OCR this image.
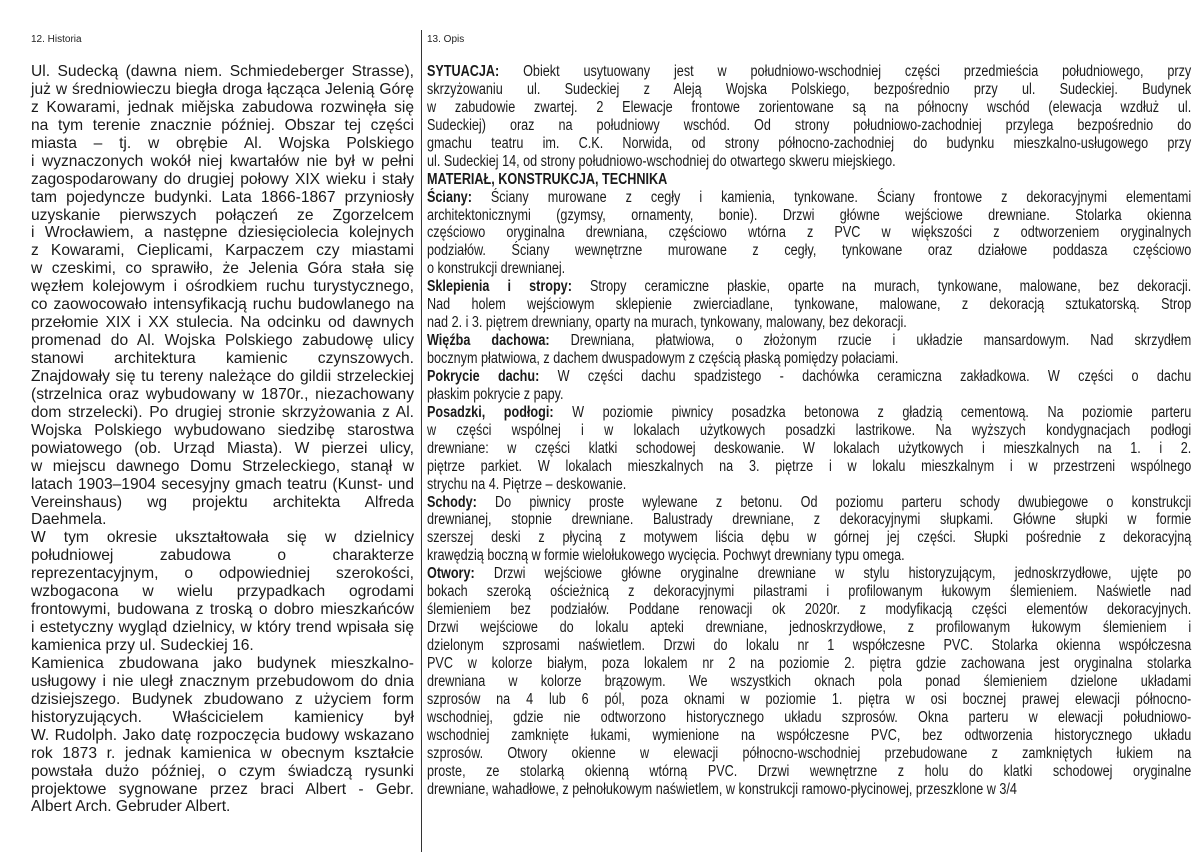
12. Historia	13. Opis
Ul. Sudecką (dawna niem. Schmiedeberger Strasse),
już w średniowieczu biegła droga łącząca Jelenią Górę
z Kowarami, jednak miějska zabudowa rozwinęła się
na tym terenie znacznie później. Obszar tej części
miasta – tj. w obrębie Al. Wojska Polskiego
i wyznaczonych wokół niej kwartałów nie był w pełni
zagospodarowany do drugiej połowy XIX wieku i stały
tam pojedyncze budynki. Lata 1866-1867 przyniosły
uzyskanie pierwszych połączeń ze Zgorzelcem
i Wrocławiem, a następne dziesięciolecia kolejnych
z Kowarami, Cieplicami, Karpaczem czy miastami
w czeskimi, co sprawiło, że Jelenia Góra stała się
węzłem kolejowym i ośrodkiem ruchu turystycznego,
co zaowocowało intensyfikacją ruchu budowlanego na
przełomie XIX i XX stulecia. Na odcinku od dawnych
promenad do Al. Wojska Polskiego zabudowę ulicy
stanowi architektura kamienic czynszowych.
Znajdowały się tu tereny należące do gildii strzeleckiej
(strzelnica oraz wybudowany w 1870r., niezachowany
dom strzelecki). Po drugiej stronie skrzyżowania z Al.
Wojska Polskiego wybudowano siedzibę starostwa
powiatowego (ob. Urząd Miasta). W pierzei ulicy,
w miejscu dawnego Domu Strzeleckiego, stanął w
latach 1903–1904 secesyjny gmach teatru (Kunst- und
Vereinshaus) wg projektu architekta Alfreda
Daehmela.
W tym okresie ukształtowała się w dzielnicy
południowej zabudowa o charakterze
reprezentacyjnym, o odpowiedniej szerokości,
wzbogacona w wielu przypadkach ogrodami
frontowymi, budowana z troską o dobro mieszkańców
i estetyczny wygląd dzielnicy, w który trend wpisała się
kamienica przy ul. Sudeckiej 16.
Kamienica zbudowana jako budynek mieszkalno-
usługowy i nie uległ znacznym przebudowom do dnia
dzisiejszego. Budynek zbudowano z użyciem form
historyzujących. Właścicielem kamienicy był
W. Rudolph. Jako datę rozpoczęcia budowy wskazano
rok 1873 r. jednak kamienica w obecnym kształcie
powstała dużo później, o czym świadczą rysunki
projektowe sygnowane przez braci Albert - Gebr.
Albert Arch. Gebruder Albert.
SYTUACJA: Obiekt usytuowany jest w południowo-wschodniej części przedmieścia południowego, przy
skrzyżowaniu ul. Sudeckiej z Aleją Wojska Polskiego, bezpośrednio przy ul. Sudeckiej. Budynek
w zabudowie zwartej. 2 Elewacje frontowe zorientowane są na północny wschód (elewacja wzdłuż ul.
Sudeckiej) oraz na południowy wschód. Od strony południowo-zachodniej przylega bezpośrednio do
gmachu teatru im. C.K. Norwida, od strony północno-zachodniej do budynku mieszkalno-usługowego przy
ul. Sudeckiej 14, od strony południowo-wschodniej do otwartego skweru miejskiego.
MATERIAŁ, KONSTRUKCJA, TECHNIKA
Ściany: Ściany murowane z cegły i kamienia, tynkowane. Ściany frontowe z dekoracyjnymi elementami
architektonicznymi (gzymsy, ornamenty, bonie). Drzwi główne wejściowe drewniane. Stolarka okienna
częściowo oryginalna drewniana, częściowo wtórna z PVC w większości z odtworzeniem oryginalnych
podziałów. Ściany wewnętrzne murowane z cegły, tynkowane oraz działowe poddasza częściowo
o konstrukcji drewnianej.
Sklepienia i stropy: Stropy ceramiczne płaskie, oparte na murach, tynkowane, malowane, bez dekoracji.
Nad holem wejściowym sklepienie zwierciadlane, tynkowane, malowane, z dekoracją sztukatorską. Strop
nad 2. i 3. piętrem drewniany, oparty na murach, tynkowany, malowany, bez dekoracji.
Więźba dachowa: Drewniana, płatwiowa, o złożonym rzucie i układzie mansardowym. Nad skrzydłem
bocznym płatwiowa, z dachem dwuspadowym z częścią płaską pomiędzy połaciami.
Pokrycie dachu: W części dachu spadzistego - dachówka ceramiczna zakładkowa. W części o dachu
płaskim pokrycie z papy.
Posadzki, podłogi: W poziomie piwnicy posadzka betonowa z gładzią cementową. Na poziomie parteru
w części wspólnej i w lokalach użytkowych posadzki lastrikowe. Na wyższych kondygnacjach podłogi
drewniane: w części klatki schodowej deskowanie. W lokalach użytkowych i mieszkalnych na 1. i 2.
piętrze parkiet. W lokalach mieszkalnych na 3. piętrze i w lokalu mieszkalnym i w przestrzeni wspólnego
strychu na 4. Piętrze – deskowanie.
Schody: Do piwnicy proste wylewane z betonu. Od poziomu parteru schody dwubiegowe o konstrukcji
drewnianej, stopnie drewniane. Balustrady drewniane, z dekoracyjnymi słupkami. Główne słupki w formie
szerszej deski z płyciną z motywem liścia dębu w górnej jej części. Słupki pośrednie z dekoracyjną
krawędzią boczną w formie wielołukowego wycięcia. Pochwyt drewniany typu omega.
Otwory: Drzwi wejściowe główne oryginalne drewniane w stylu historyzującym, jednoskrzydłowe, ujęte po
bokach szeroką ościeżnicą z dekoracyjnymi pilastrami i profilowanym łukowym ślemieniem. Naświetle nad
ślemieniem bez podziałów. Poddane renowacji ok 2020r. z modyfikacją części elementów dekoracyjnych.
Drzwi wejściowe do lokalu apteki drewniane, jednoskrzydłowe, z profilowanym łukowym ślemieniem i
dzielonym szprosami naświetlem. Drzwi do lokalu nr 1 współczesne PVC. Stolarka okienna współczesna
PVC w kolorze białym, poza lokalem nr 2 na poziomie 2. piętra gdzie zachowana jest oryginalna stolarka
drewniana w kolorze brązowym. We wszystkich oknach pola ponad ślemieniem dzielone układami
szprosów na 4 lub 6 pól, poza oknami w poziomie 1. piętra w osi bocznej prawej elewacji północno-
wschodniej, gdzie nie odtworzono historycznego układu szprosów. Okna parteru w elewacji południowo-
wschodniej zamknięte łukami, wymienione na współczesne PVC, bez odtworzenia historycznego układu
szprosów. Otwory okienne w elewacji północno-wschodniej przebudowane z zamkniętych łukiem na
proste, ze stolarką okienną wtórną PVC. Drzwi wewnętrzne z holu do klatki schodowej oryginalne
drewniane, wahadłowe, z pełnołukowym naświetlem, w konstrukcji ramowo-płycinowej, przeszklone w 3/4
